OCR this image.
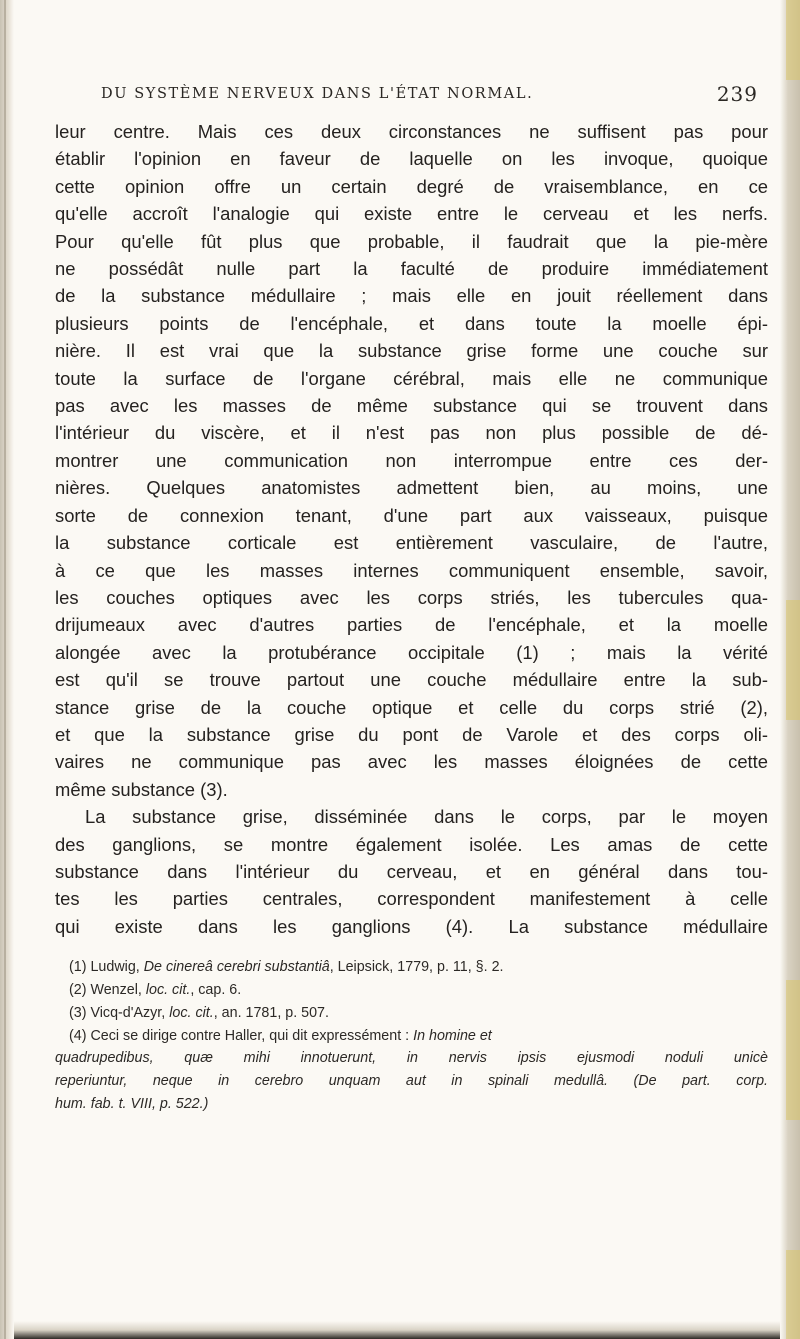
DU SYSTÈME NERVEUX DANS L'ÉTAT NORMAL.	239

leur centre. Mais ces deux circonstances ne suffisent pas pour

établir l'opinion en faveur de laquelle on les invoque, quoique

cette opinion offre un certain degré de vraisemblance, en ce

qu'elle accroît l'analogie qui existe entre le cerveau et les nerfs.

Pour qu'elle fût plus que probable, il faudrait que la pie-mère

ne possédât nulle part la faculté de produire immédiatement

de la substance médullaire ; mais elle en jouit réellement dans

plusieurs points de l'encéphale, et dans toute la moelle épi-

nière. Il est vrai que la substance grise forme une couche sur

toute la surface de l'organe cérébral, mais elle ne communique

pas avec les masses de même substance qui se trouvent dans

l'intérieur du viscère, et il n'est pas non plus possible de dé-

montrer une communication non interrompue entre ces der-

nières. Quelques anatomistes admettent bien, au moins, une

sorte de connexion tenant, d'une part aux vaisseaux, puisque

la substance corticale est entièrement vasculaire, de l'autre,

à ce que les masses internes communiquent ensemble, savoir,

les couches optiques avec les corps striés, les tubercules qua-

drijumeaux avec d'autres parties de l'encéphale, et la moelle

alongée avec la protubérance occipitale (1) ; mais la vérité

est qu'il se trouve partout une couche médullaire entre la sub-

stance grise de la couche optique et celle du corps strié (2),

et que la substance grise du pont de Varole et des corps oli-

vaires ne communique pas avec les masses éloignées de cette

même substance (3).

La substance grise, disséminée dans le corps, par le moyen

des ganglions, se montre également isolée. Les amas de cette

substance dans l'intérieur du cerveau, et en général dans tou-

tes les parties centrales, correspondent manifestement à celle

qui existe dans les ganglions (4). La substance médullaire

(1) Ludwig, De cinereâ cerebri substantiâ, Leipsick, 1779, p. 11, §. 2.

(2) Wenzel, loc. cit., cap. 6.

(3) Vicq-d'Azyr, loc. cit., an. 1781, p. 507.

(4) Ceci se dirige contre Haller, qui dit expressément : In homine et

quadrupedibus, quæ mihi innotuerunt, in nervis ipsis ejusmodi noduli unicè

reperiuntur, neque in cerebro unquam aut in spinali medullâ. (De part. corp.

hum. fab. t. VIII, p. 522.)
